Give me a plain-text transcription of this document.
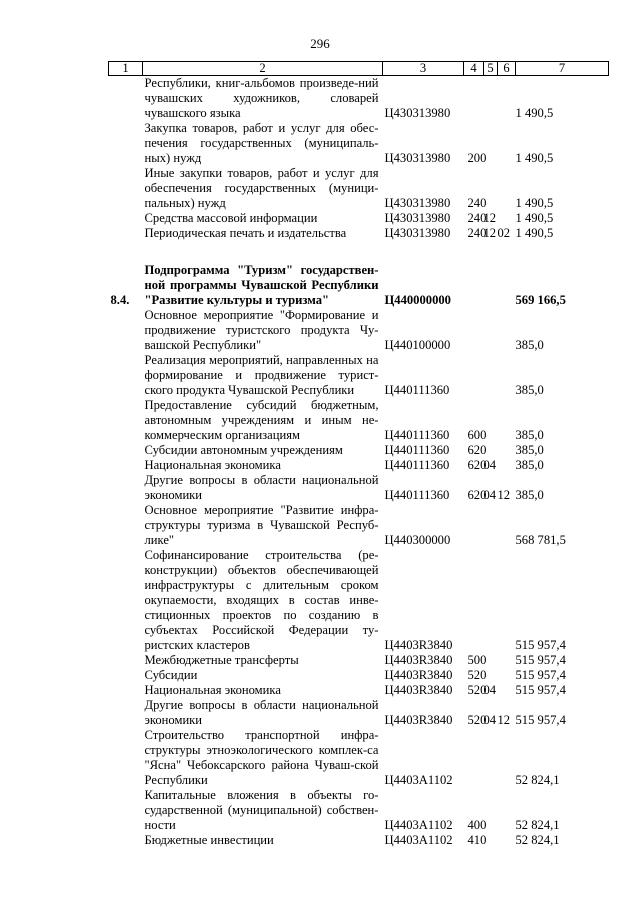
296
1	2	3	4	5	6	7
	Республики, книг-альбомов произведе-ний чувашских художников, словарей чувашского языка	Ц430313980				1 490,5
	Закупка товаров, работ и услуг для обес-печения государственных (муниципаль-ных) нужд	Ц430313980	200			1 490,5
	Иные закупки товаров, работ и услуг для обеспечения государственных (муници-пальных) нужд	Ц430313980	240			1 490,5
	Средства массовой информации	Ц430313980	240	12		1 490,5
	Периодическая печать и издательства	Ц430313980	240	12	02	1 490,5

8.4.	Подпрограмма "Туризм" государствен-ной программы Чувашской Республики "Развитие культуры и туризма"	Ц440000000				569 166,5
	Основное мероприятие "Формирование и продвижение туристского продукта Чу-вашской Республики"	Ц440100000				385,0
	Реализация мероприятий, направленных на формирование и продвижение турист-ского продукта Чувашской Республики	Ц440111360				385,0
	Предоставление субсидий бюджетным, автономным учреждениям и иным не-коммерческим организациям	Ц440111360	600			385,0
	Субсидии автономным учреждениям	Ц440111360	620			385,0
	Национальная экономика	Ц440111360	620	04		385,0
	Другие вопросы в области национальной экономики	Ц440111360	620	04	12	385,0
	Основное мероприятие "Развитие инфра-структуры туризма в Чувашской Респуб-лике"	Ц440300000				568 781,5
	Софинансирование строительства (ре-конструкции) объектов обеспечивающей инфраструктуры с длительным сроком окупаемости, входящих в состав инве-стиционных проектов по созданию в субъектах Российской Федерации ту-ристских кластеров	Ц4403R3840				515 957,4
	Межбюджетные трансферты	Ц4403R3840	500			515 957,4
	Субсидии	Ц4403R3840	520			515 957,4
	Национальная экономика	Ц4403R3840	520	04		515 957,4
	Другие вопросы в области национальной экономики	Ц4403R3840	520	04	12	515 957,4
	Строительство транспортной инфра-структуры этноэкологического комплек-са "Ясна" Чебоксарского района Чуваш-ской Республики	Ц4403А1102				52 824,1
	Капитальные вложения в объекты го-сударственной (муниципальной) собствен-ности	Ц4403А1102	400			52 824,1
	Бюджетные инвестиции	Ц4403А1102	410			52 824,1
